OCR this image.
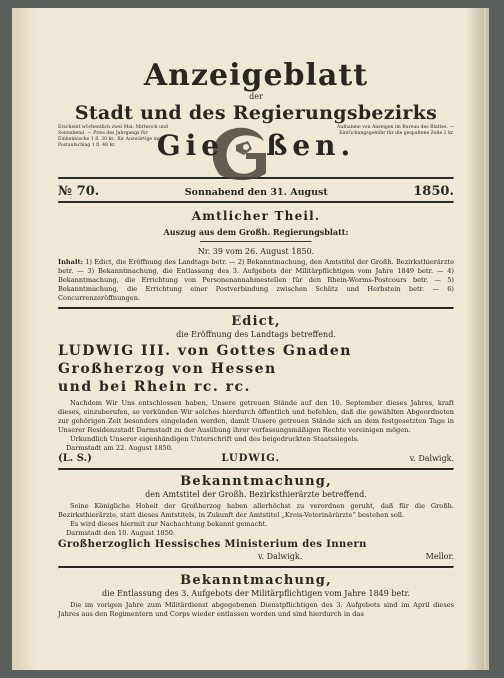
Anzeigeblatt
der
Stadt und des Regierungsbezirks
Erscheint wöchentlich zwei Mal: Mittwoch und Sonnabend. — Preis des Jahrgangs für Einheimische 1 fl. 30 kr., für Auswärtige incl. Postaufschlag 1 fl. 48 kr.
Aufnahme von Anzeigen im Bureau des Blattes. — Einrückungsgebühr für die gespaltene Zeile 2 kr.
Gie ßen.
№ 70.	Sonnabend den 31. August	1850.
Amtlicher Theil.
Auszug aus dem Großh. Regierungsblatt:
Nr. 39 vom 26. August 1850.
Inhalt: 1) Edict, die Eröffnung des Landtags betr. — 2) Bekanntmachung, den Amtstitel der Großh. Bezirksthierärzte betr. — 3) Bekanntmachung, die Entlassung des 3. Aufgebots der Militärpflichtigen vom Jahre 1849 betr. — 4) Bekanntmachung, die Errichtung von Personenannahmestellen für den Rhein-Worms-Postcours betr. — 5) Bekanntmachung, die Errichtung einer Postverbindung zwischen Schlitz und Herbstein betr. — 6) Concurrenzeröffnungen.
Edict,
die Eröffnung des Landtags betreffend.
LUDWIG III. von Gottes Gnaden Großherzog von Hessen
und bei Rhein rc. rc.
Nachdem Wir Uns entschlossen haben, Unsere getreuen Stände auf den 10. September dieses Jahres, kraft dieses, einzuberufen, so verkünden Wir solches hierdurch öffentlich und befehlen, daß die gewählten Abgeordneten zur gehörigen Zeit besonders eingeladen werden, damit Unsere getreuen Stände sich an dem festgesetzten Tage in Unserer Residenzstadt Darmstadt zu der Ausübung ihrer verfassungsmäßigen Rechte vereinigen mögen.
Urkundlich Unserer eigenhändigen Unterschrift und des beigedruckten Staatssiegels.
Darmstadt am 22. August 1850.
(L. S.)	LUDWIG.	v. Dalwigk.
Bekanntmachung,
den Amtstitel der Großh. Bezirksthierärzte betreffend.
Seine Königliche Hoheit der Großherzog haben allerhöchst zu verordnen geruht, daß für die Großh. Bezirksthierärzte, statt dieses Amtstitels, in Zukunft der Amtstitel „Kreis-Veterinärärzte“ bestehen soll.
Es wird dieses hiermit zur Nachachtung bekannt gemacht.
Darmstadt den 10. August 1850.
Großherzoglich Hessisches Ministerium des Innern
v. Dalwigk.	Mellor.
Bekanntmachung,
die Entlassung des 3. Aufgebots der Militärpflichtigen vom Jahre 1849 betr.
Die im vorigen Jahre zum Militärdienst abgegebenen Dienstpflichtigen des 3. Aufgebots sind im April dieses Jahres aus den Regimentern und Corps wieder entlassen worden und sind hierdurch in das
